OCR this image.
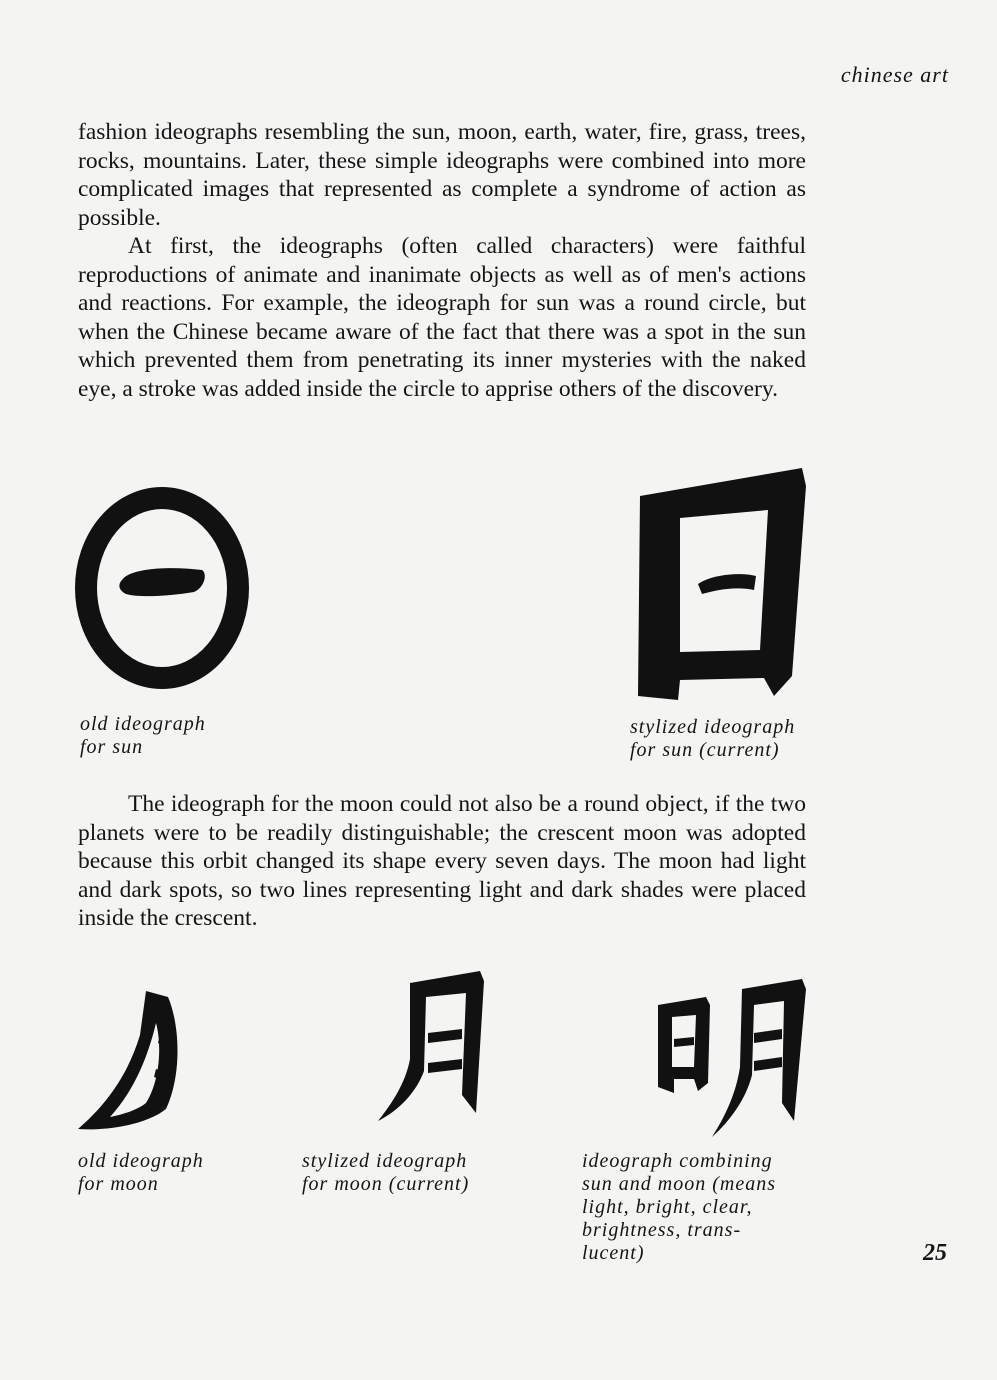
chinese art

fashion ideographs resembling the sun, moon, earth, water, fire, grass, trees, rocks, mountains. Later, these simple ideographs were combined into more complicated images that represented as complete a syndrome of action as possible.

At first, the ideographs (often called characters) were faithful reproductions of animate and inanimate objects as well as of men's actions and reactions. For example, the ideograph for sun was a round circle, but when the Chinese became aware of the fact that there was a spot in the sun which prevented them from penetrating its inner mysteries with the naked eye, a stroke was added inside the circle to apprise others of the discovery.

old ideograph
for sun
stylized ideograph
for sun (current)

The ideograph for the moon could not also be a round object, if the two planets were to be readily distinguishable; the crescent moon was adopted because this orbit changed its shape every seven days. The moon had light and dark spots, so two lines representing light and dark shades were placed inside the crescent.

old ideograph
for moon
stylized ideograph
for moon (current)
ideograph combining
sun and moon (means
light, bright, clear,
brightness, trans-
lucent)	25
